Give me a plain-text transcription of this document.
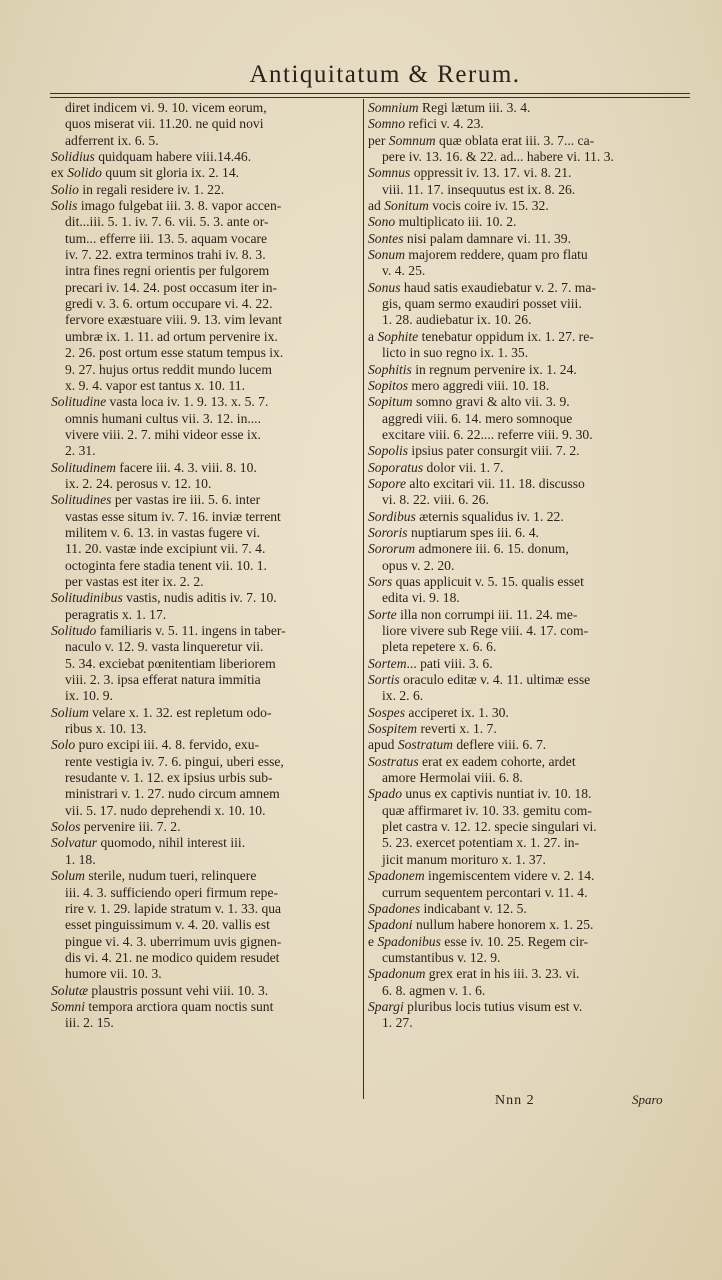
Antiquitatum & Rerum.
diret indicem vi. 9. 10. vicem eorum,
quos miserat vii. 11.20. ne quid novi
adferrent ix. 6. 5.
Solidius quidquam habere viii.14.46.
ex Solido quum sit gloria ix. 2. 14.
Solio in regali residere iv. 1. 22.
Solis imago fulgebat iii. 3. 8. vapor accen-
dit...iii. 5. 1. iv. 7. 6. vii. 5. 3. ante or-
tum... efferre iii. 13. 5. aquam vocare
iv. 7. 22. extra terminos trahi iv. 8. 3.
intra fines regni orientis per fulgorem
precari iv. 14. 24. post occasum iter in-
gredi v. 3. 6. ortum occupare vi. 4. 22.
fervore exæstuare viii. 9. 13. vim levant
umbræ ix. 1. 11. ad ortum pervenire ix.
2. 26. post ortum esse statum tempus ix.
9. 27. hujus ortus reddit mundo lucem
x. 9. 4. vapor est tantus x. 10. 11.
Solitudine vasta loca iv. 1. 9. 13. x. 5. 7.
omnis humani cultus vii. 3. 12. in....
vivere viii. 2. 7. mihi videor esse ix.
2. 31.
Solitudinem facere iii. 4. 3. viii. 8. 10.
ix. 2. 24. perosus v. 12. 10.
Solitudines per vastas ire iii. 5. 6. inter
vastas esse situm iv. 7. 16. inviæ terrent
militem v. 6. 13. in vastas fugere vi.
11. 20. vastæ inde excipiunt vii. 7. 4.
octoginta fere stadia tenent vii. 10. 1.
per vastas est iter ix. 2. 2.
Solitudinibus vastis, nudis aditis iv. 7. 10.
peragratis x. 1. 17.
Solitudo familiaris v. 5. 11. ingens in taber-
naculo v. 12. 9. vasta linqueretur vii.
5. 34. exciebat pœnitentiam liberiorem
viii. 2. 3. ipsa efferat natura immitia
ix. 10. 9.
Solium velare x. 1. 32. est repletum odo-
ribus x. 10. 13.
Solo puro excipi iii. 4. 8. fervido, exu-
rente vestigia iv. 7. 6. pingui, uberi esse,
resudante v. 1. 12. ex ipsius urbis sub-
ministrari v. 1. 27. nudo circum amnem
vii. 5. 17. nudo deprehendi x. 10. 10.
Solos pervenire iii. 7. 2.
Solvatur quomodo, nihil interest iii.
1. 18.
Solum sterile, nudum tueri, relinquere
iii. 4. 3. sufficiendo operi firmum repe-
rire v. 1. 29. lapide stratum v. 1. 33. qua
esset pinguissimum v. 4. 20. vallis est
pingue vi. 4. 3. uberrimum uvis gignen-
dis vi. 4. 21. ne modico quidem resudet
humore vii. 10. 3.
Solutæ plaustris possunt vehi viii. 10. 3.
Somni tempora arctiora quam noctis sunt
iii. 2. 15.
Somnium Regi lætum iii. 3. 4.
Somno refici v. 4. 23.
per Somnum quæ oblata erat iii. 3. 7... ca-
pere iv. 13. 16. & 22. ad... habere vi. 11. 3.
Somnus oppressit iv. 13. 17. vi. 8. 21.
viii. 11. 17. insequutus est ix. 8. 26.
ad Sonitum vocis coire iv. 15. 32.
Sono multiplicato iii. 10. 2.
Sontes nisi palam damnare vi. 11. 39.
Sonum majorem reddere, quam pro flatu
v. 4. 25.
Sonus haud satis exaudiebatur v. 2. 7. ma-
gis, quam sermo exaudiri posset viii.
1. 28. audiebatur ix. 10. 26.
a Sophite tenebatur oppidum ix. 1. 27. re-
licto in suo regno ix. 1. 35.
Sophitis in regnum pervenire ix. 1. 24.
Sopitos mero aggredi viii. 10. 18.
Sopitum somno gravi & alto vii. 3. 9.
aggredi viii. 6. 14. mero somnoque
excitare viii. 6. 22.... referre viii. 9. 30.
Sopolis ipsius pater consurgit viii. 7. 2.
Soporatus dolor vii. 1. 7.
Sopore alto excitari vii. 11. 18. discusso
vi. 8. 22. viii. 6. 26.
Sordibus æternis squalidus iv. 1. 22.
Sororis nuptiarum spes iii. 6. 4.
Sororum admonere iii. 6. 15. donum,
opus v. 2. 20.
Sors quas applicuit v. 5. 15. qualis esset
edita vi. 9. 18.
Sorte illa non corrumpi iii. 11. 24. me-
liore vivere sub Rege viii. 4. 17. com-
pleta repetere x. 6. 6.
Sortem... pati viii. 3. 6.
Sortis oraculo editæ v. 4. 11. ultimæ esse
ix. 2. 6.
Sospes acciperet ix. 1. 30.
Sospitem reverti x. 1. 7.
apud Sostratum deflere viii. 6. 7.
Sostratus erat ex eadem cohorte, ardet
amore Hermolai viii. 6. 8.
Spado unus ex captivis nuntiat iv. 10. 18.
quæ affirmaret iv. 10. 33. gemitu com-
plet castra v. 12. 12. specie singulari vi.
5. 23. exercet potentiam x. 1. 27. in-
jicit manum morituro x. 1. 37.
Spadonem ingemiscentem videre v. 2. 14.
currum sequentem percontari v. 11. 4.
Spadones indicabant v. 12. 5.
Spadoni nullum habere honorem x. 1. 25.
e Spadonibus esse iv. 10. 25. Regem cir-
cumstantibus v. 12. 9.
Spadonum grex erat in his iii. 3. 23. vi.
6. 8. agmen v. 1. 6.
Spargi pluribus locis tutius visum est v.
1. 27.
Nnn 2	Sparo
